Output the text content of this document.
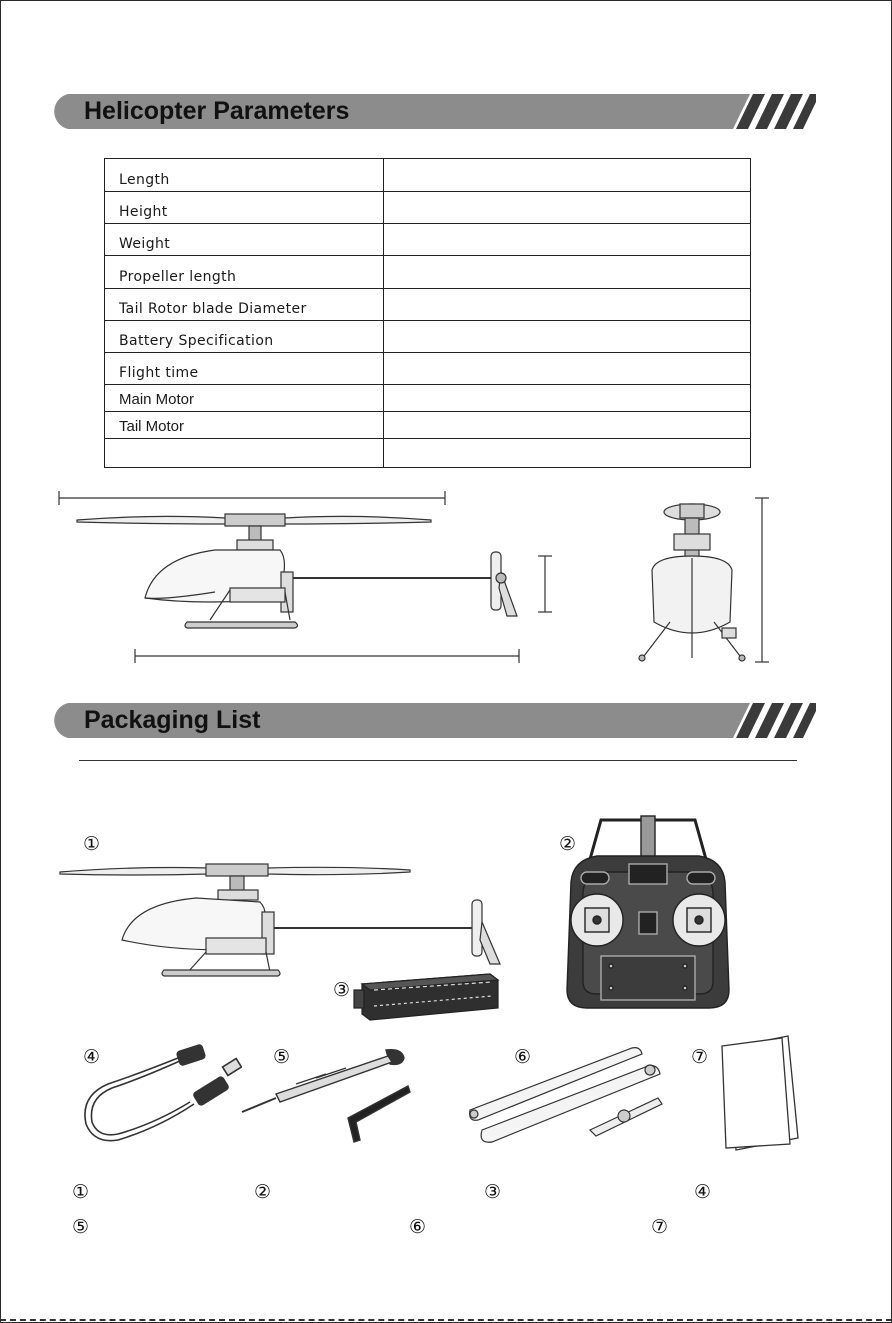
Helicopter Parameters
Length	
Height	
Weight	
Propeller length	
Tail Rotor blade Diameter	
Battery Specification	
Flight time	
Main Motor	
Tail Motor	

Packaging List
①	②
③
④	⑤	⑥	⑦
①	②	③	④
⑤	⑥	⑦
